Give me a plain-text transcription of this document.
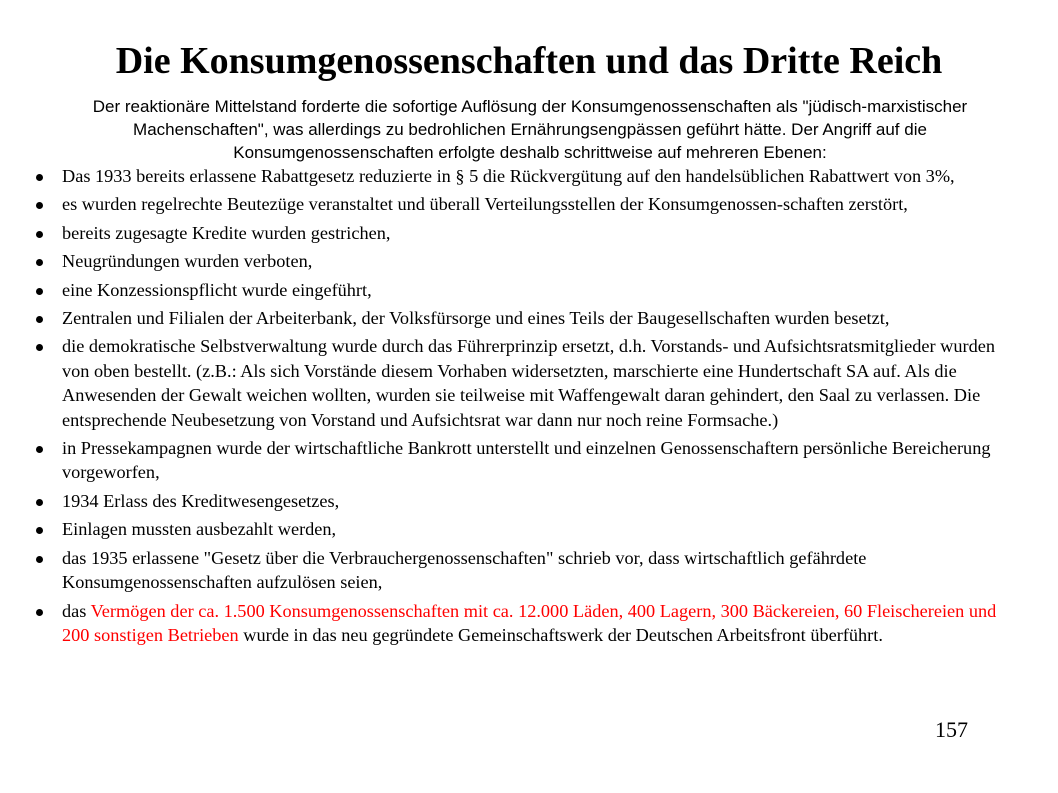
Die Konsumgenossenschaften und das Dritte Reich
Der reaktionäre Mittelstand forderte die sofortige Auflösung der Konsumgenossenschaften als "jüdisch-marxistischer Machenschaften", was allerdings zu bedrohlichen Ernährungsengpässen geführt hätte. Der Angriff auf die Konsumgenossenschaften erfolgte deshalb schrittweise auf mehreren Ebenen:
Das 1933 bereits erlassene Rabattgesetz reduzierte in § 5 die Rückvergütung auf den handelsüblichen Rabattwert von 3%,
es wurden regelrechte Beutezüge veranstaltet und überall Verteilungsstellen der Konsumgenossen-schaften zerstört,
bereits zugesagte Kredite wurden gestrichen,
Neugründungen wurden verboten,
eine Konzessionspflicht wurde eingeführt,
Zentralen und Filialen der Arbeiterbank, der Volksfürsorge und eines Teils der Baugesellschaften wurden besetzt,
die demokratische Selbstverwaltung wurde durch das Führerprinzip ersetzt, d.h. Vorstands- und Aufsichtsratsmitglieder wurden von oben bestellt. (z.B.: Als sich Vorstände diesem Vorhaben widersetzten, marschierte eine Hundertschaft SA auf. Als die Anwesenden der Gewalt weichen wollten, wurden sie teilweise mit Waffengewalt daran gehindert, den Saal zu verlassen. Die entsprechende Neubesetzung von Vorstand und Aufsichtsrat war dann nur noch reine Formsache.)
in Pressekampagnen wurde der wirtschaftliche Bankrott unterstellt und einzelnen Genossenschaftern persönliche Bereicherung vorgeworfen,
1934 Erlass des Kreditwesengesetzes,
Einlagen mussten ausbezahlt werden,
das 1935 erlassene "Gesetz über die Verbrauchergenossenschaften" schrieb vor, dass wirtschaftlich gefährdete Konsumgenossenschaften aufzulösen seien,
das Vermögen der ca. 1.500 Konsumgenossenschaften mit ca. 12.000 Läden, 400 Lagern, 300 Bäckereien, 60 Fleischereien und 200 sonstigen Betrieben wurde in das neu gegründete Gemeinschaftswerk der Deutschen Arbeitsfront überführt.
157
